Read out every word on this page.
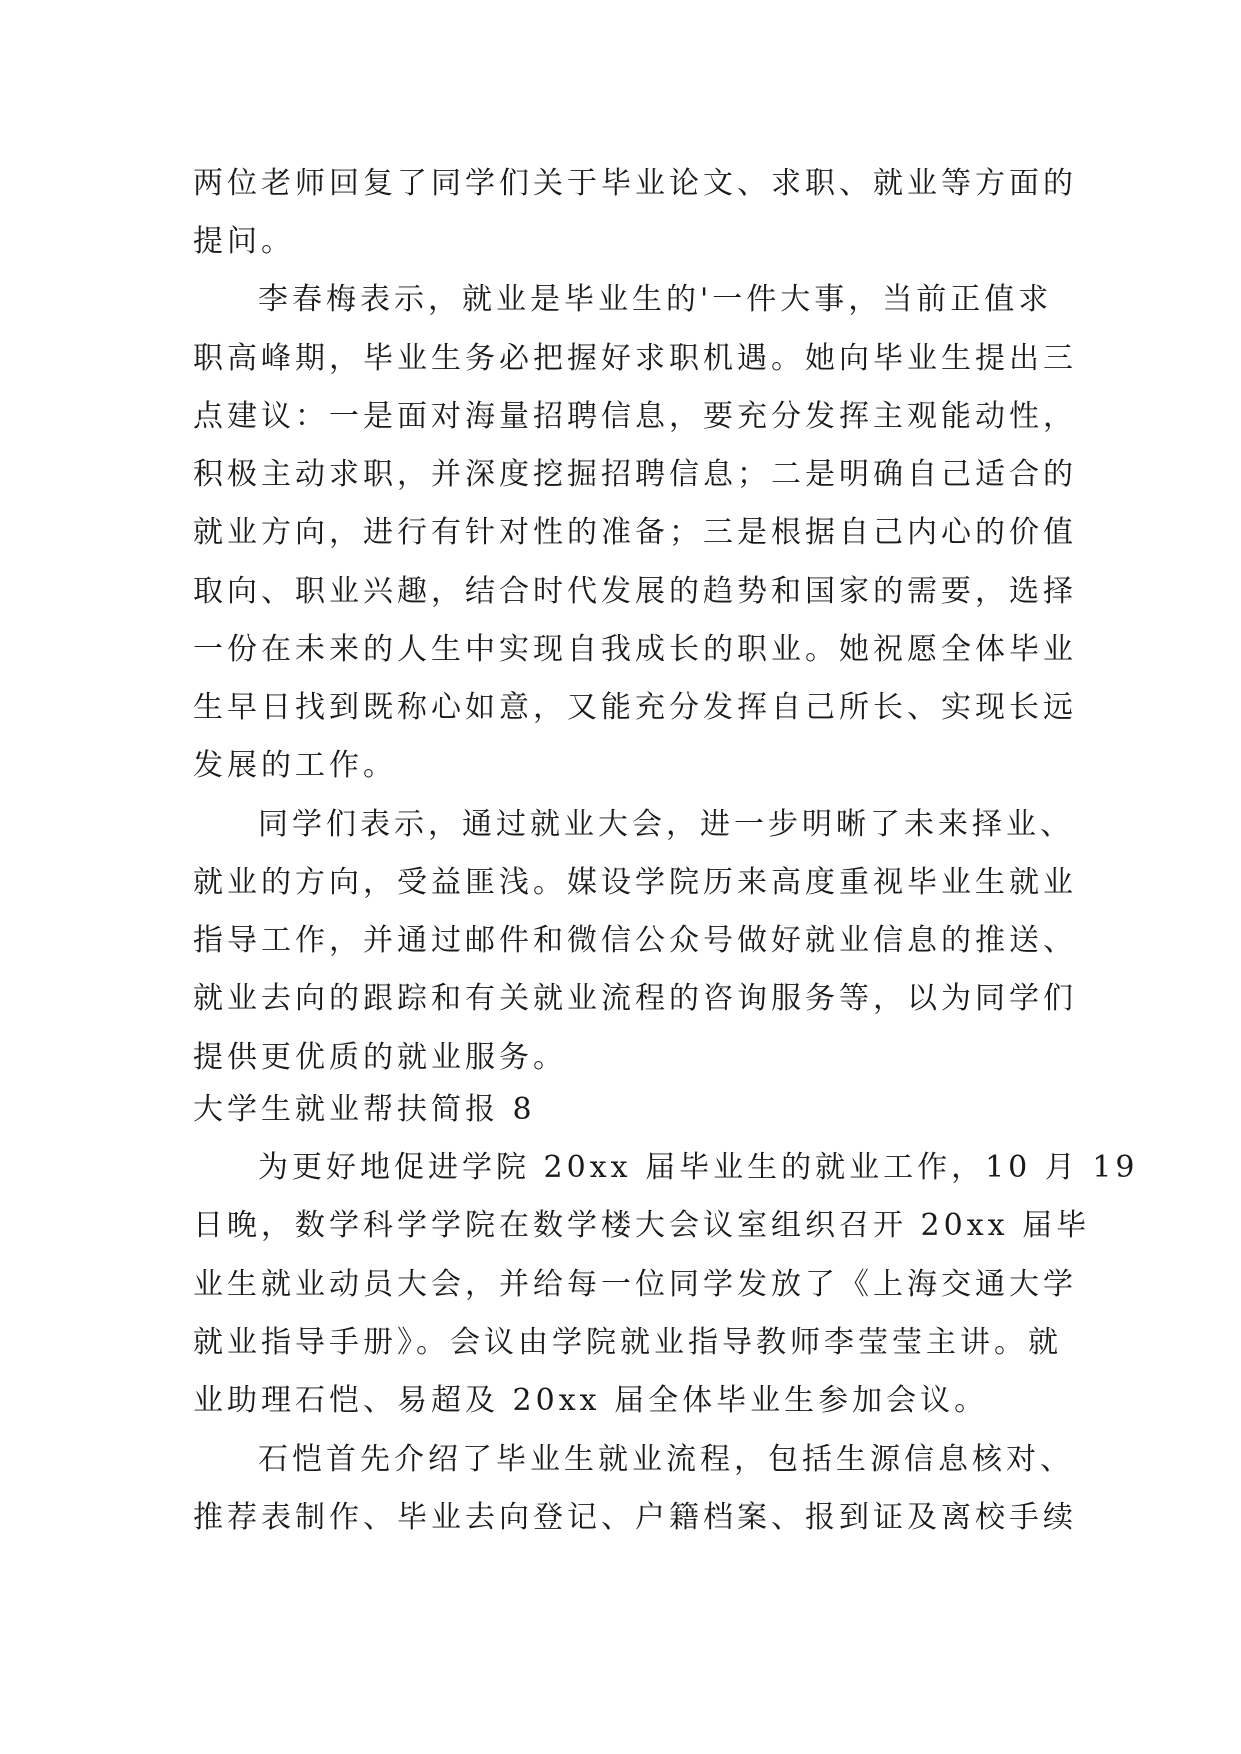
两位老师回复了同学们关于毕业论文、求职、就业等方面的
提问。
李春梅表示，就业是毕业生的'一件大事，当前正值求
职高峰期，毕业生务必把握好求职机遇。她向毕业生提出三
点建议：一是面对海量招聘信息，要充分发挥主观能动性，
积极主动求职，并深度挖掘招聘信息；二是明确自己适合的
就业方向，进行有针对性的准备；三是根据自己内心的价值
取向、职业兴趣，结合时代发展的趋势和国家的需要，选择
一份在未来的人生中实现自我成长的职业。她祝愿全体毕业
生早日找到既称心如意，又能充分发挥自己所长、实现长远
发展的工作。
同学们表示，通过就业大会，进一步明晰了未来择业、
就业的方向，受益匪浅。媒设学院历来高度重视毕业生就业
指导工作，并通过邮件和微信公众号做好就业信息的推送、
就业去向的跟踪和有关就业流程的咨询服务等，以为同学们
提供更优质的就业服务。
大学生就业帮扶简报 8
为更好地促进学院 20xx 届毕业生的就业工作，10 月 19
日晚，数学科学学院在数学楼大会议室组织召开 20xx 届毕
业生就业动员大会，并给每一位同学发放了《上海交通大学
就业指导手册》。会议由学院就业指导教师李莹莹主讲。就
业助理石恺、易超及 20xx 届全体毕业生参加会议。
石恺首先介绍了毕业生就业流程，包括生源信息核对、
推荐表制作、毕业去向登记、户籍档案、报到证及离校手续
